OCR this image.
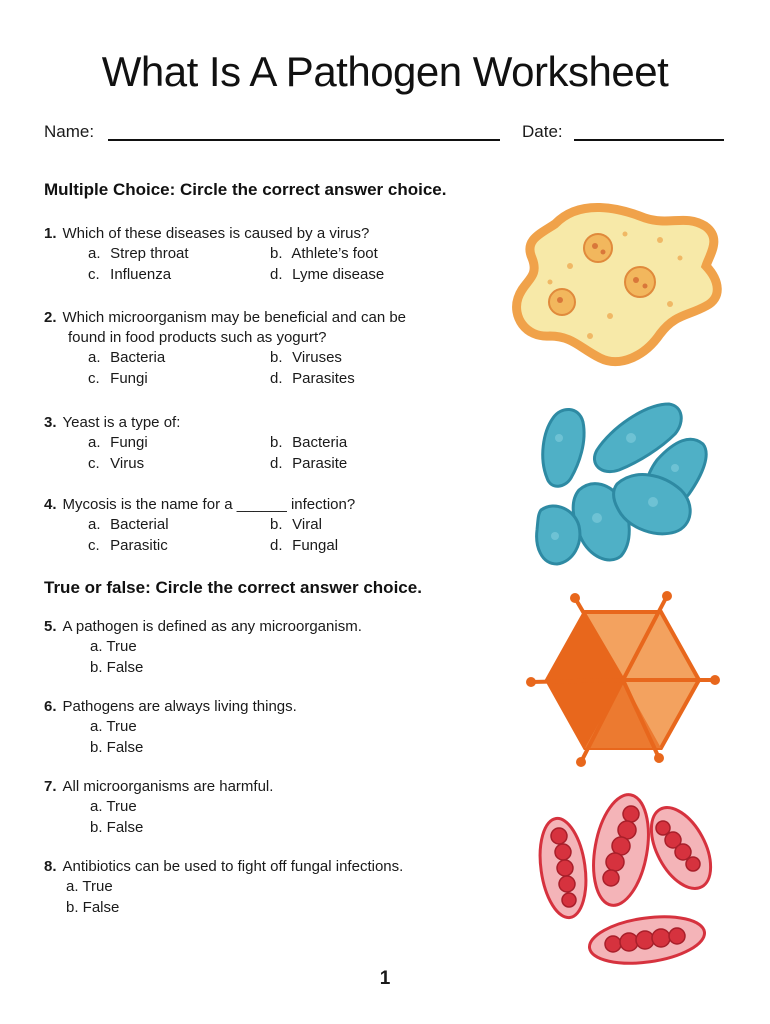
What Is A Pathogen Worksheet
Name:	Date:
Multiple Choice: Circle the correct answer choice.
1. Which of these diseases is caused by a virus?
a. Strep throat	b. Athlete’s foot
c. Influenza	d. Lyme disease
2. Which microorganism may be beneficial and can be
found in food products such as yogurt?
a. Bacteria	b. Viruses
c. Fungi	d. Parasites
3. Yeast is a type of:
a. Fungi	b. Bacteria
c. Virus	d. Parasite
4. Mycosis is the name for a ______ infection?
a. Bacterial	b. Viral
c. Parasitic	d. Fungal
True or false: Circle the correct answer choice.
5. A pathogen is defined as any microorganism.
a. True
b. False
6. Pathogens are always living things.
a. True
b. False
7. All microorganisms are harmful.
a. True
b. False
8. Antibiotics can be used to fight off fungal infections.
a. True
b. False
1
